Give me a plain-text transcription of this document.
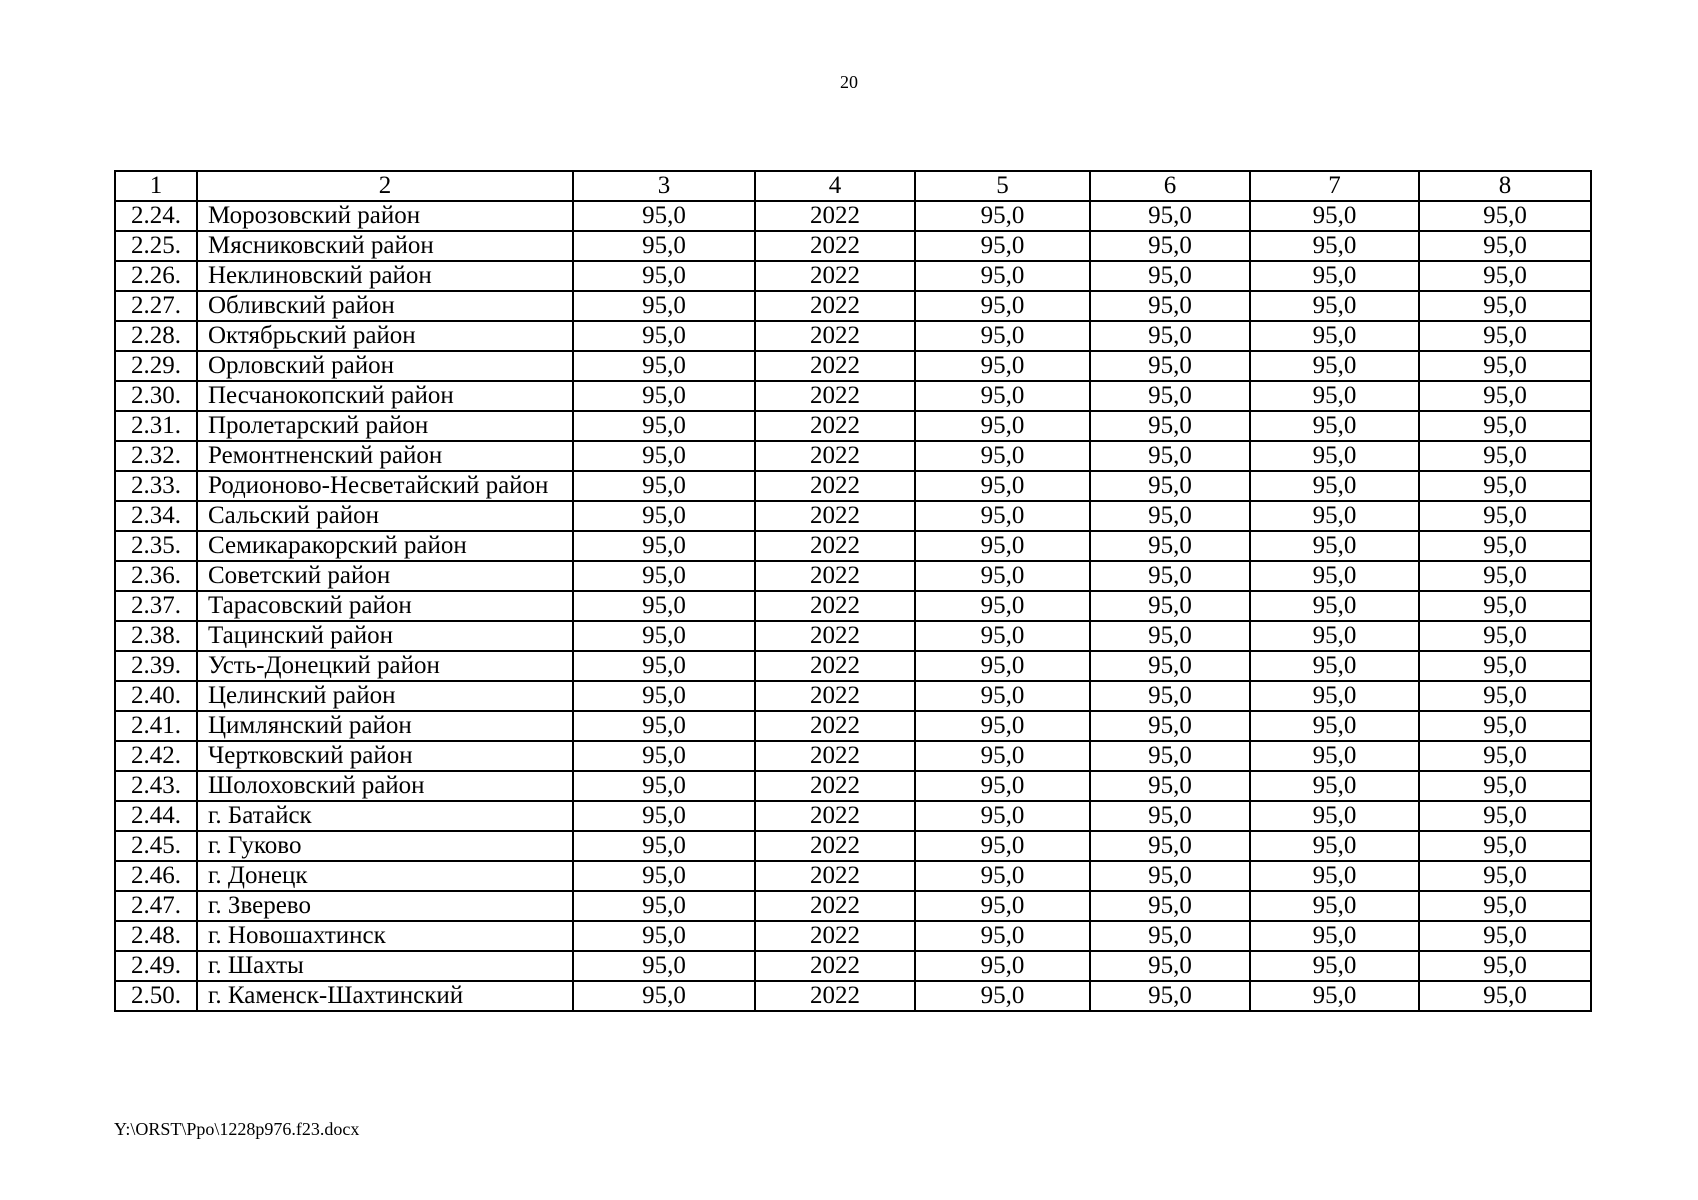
20
1	2	3	4	5	6	7	8
2.24.	Морозовский район	95,0	2022	95,0	95,0	95,0	95,0
2.25.	Мясниковский район	95,0	2022	95,0	95,0	95,0	95,0
2.26.	Неклиновский район	95,0	2022	95,0	95,0	95,0	95,0
2.27.	Обливский район	95,0	2022	95,0	95,0	95,0	95,0
2.28.	Октябрьский район	95,0	2022	95,0	95,0	95,0	95,0
2.29.	Орловский район	95,0	2022	95,0	95,0	95,0	95,0
2.30.	Песчанокопский район	95,0	2022	95,0	95,0	95,0	95,0
2.31.	Пролетарский район	95,0	2022	95,0	95,0	95,0	95,0
2.32.	Ремонтненский район	95,0	2022	95,0	95,0	95,0	95,0
2.33.	Родионово-Несветайский район	95,0	2022	95,0	95,0	95,0	95,0
2.34.	Сальский район	95,0	2022	95,0	95,0	95,0	95,0
2.35.	Семикаракорский район	95,0	2022	95,0	95,0	95,0	95,0
2.36.	Советский район	95,0	2022	95,0	95,0	95,0	95,0
2.37.	Тарасовский район	95,0	2022	95,0	95,0	95,0	95,0
2.38.	Тацинский район	95,0	2022	95,0	95,0	95,0	95,0
2.39.	Усть-Донецкий район	95,0	2022	95,0	95,0	95,0	95,0
2.40.	Целинский район	95,0	2022	95,0	95,0	95,0	95,0
2.41.	Цимлянский район	95,0	2022	95,0	95,0	95,0	95,0
2.42.	Чертковский район	95,0	2022	95,0	95,0	95,0	95,0
2.43.	Шолоховский район	95,0	2022	95,0	95,0	95,0	95,0
2.44.	г. Батайск	95,0	2022	95,0	95,0	95,0	95,0
2.45.	г. Гуково	95,0	2022	95,0	95,0	95,0	95,0
2.46.	г. Донецк	95,0	2022	95,0	95,0	95,0	95,0
2.47.	г. Зверево	95,0	2022	95,0	95,0	95,0	95,0
2.48.	г. Новошахтинск	95,0	2022	95,0	95,0	95,0	95,0
2.49.	г. Шахты	95,0	2022	95,0	95,0	95,0	95,0
2.50.	г. Каменск-Шахтинский	95,0	2022	95,0	95,0	95,0	95,0
Y:\ORST\Ppo\1228p976.f23.docx
